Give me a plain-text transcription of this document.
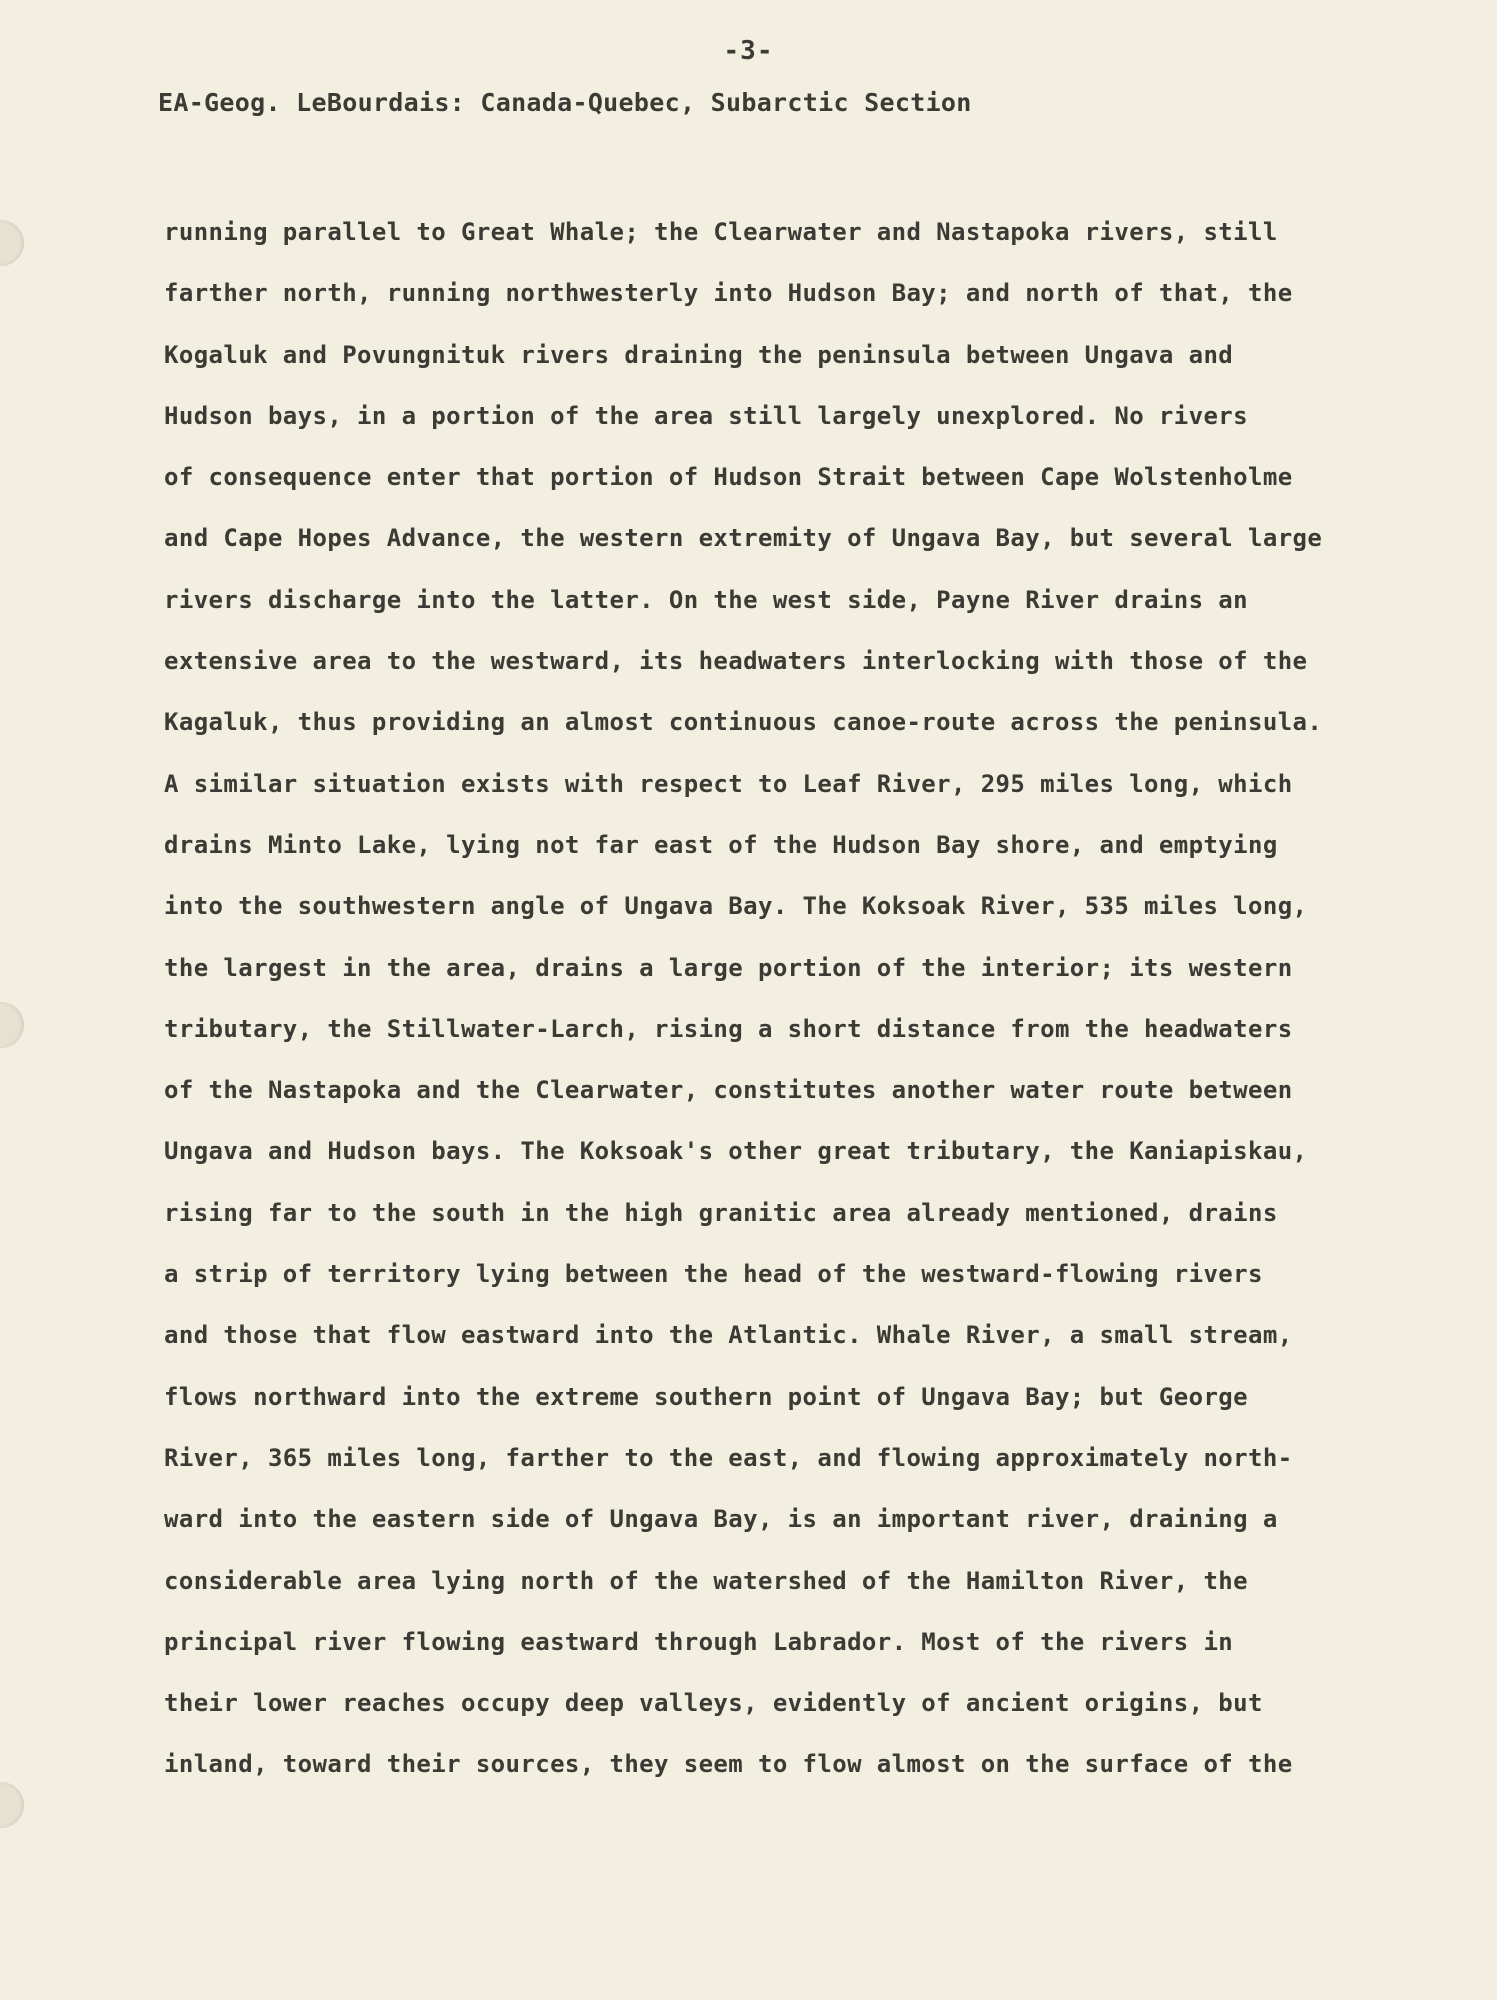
-3-
EA-Geog. LeBourdais: Canada-Quebec, Subarctic Section
running parallel to Great Whale; the Clearwater and Nastapoka rivers, still
farther north, running northwesterly into Hudson Bay; and north of that, the
Kogaluk and Povungnituk rivers draining the peninsula between Ungava and
Hudson bays, in a portion of the area still largely unexplored. No rivers
of consequence enter that portion of Hudson Strait between Cape Wolstenholme
and Cape Hopes Advance, the western extremity of Ungava Bay, but several large
rivers discharge into the latter. On the west side, Payne River drains an
extensive area to the westward, its headwaters interlocking with those of the
Kagaluk, thus providing an almost continuous canoe-route across the peninsula.
A similar situation exists with respect to Leaf River, 295 miles long, which
drains Minto Lake, lying not far east of the Hudson Bay shore, and emptying
into the southwestern angle of Ungava Bay. The Koksoak River, 535 miles long,
the largest in the area, drains a large portion of the interior; its western
tributary, the Stillwater-Larch, rising a short distance from the headwaters
of the Nastapoka and the Clearwater, constitutes another water route between
Ungava and Hudson bays. The Koksoak's other great tributary, the Kaniapiskau,
rising far to the south in the high granitic area already mentioned, drains
a strip of territory lying between the head of the westward-flowing rivers
and those that flow eastward into the Atlantic. Whale River, a small stream,
flows northward into the extreme southern point of Ungava Bay; but George
River, 365 miles long, farther to the east, and flowing approximately north-
ward into the eastern side of Ungava Bay, is an important river, draining a
considerable area lying north of the watershed of the Hamilton River, the
principal river flowing eastward through Labrador. Most of the rivers in
their lower reaches occupy deep valleys, evidently of ancient origins, but
inland, toward their sources, they seem to flow almost on the surface of the
